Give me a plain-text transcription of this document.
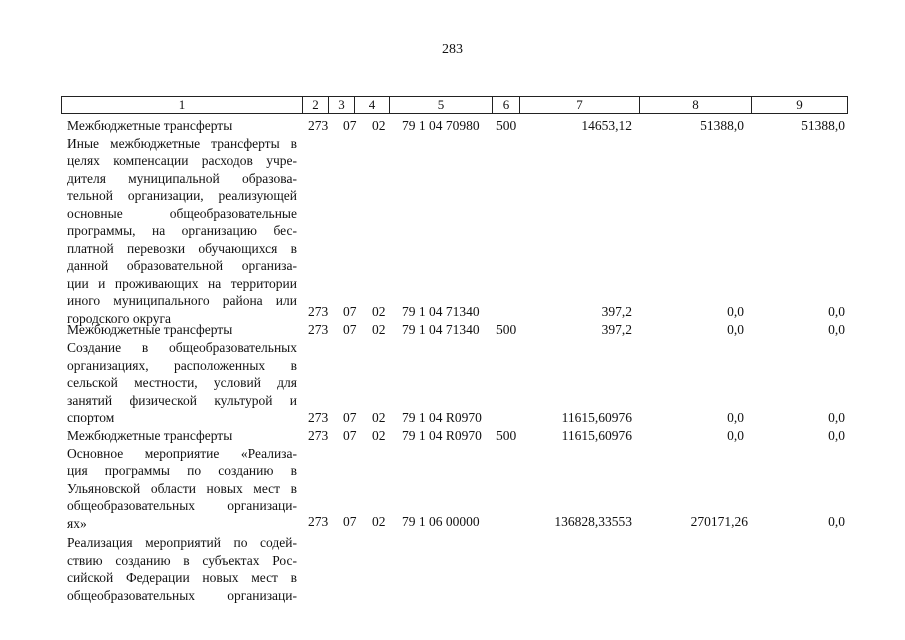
283
1	2	3	4	5	6	7	8	9
Межбюджетные трансферты	273 07 02 79 1 04 70980 500	14653,12	51388,0	51388,0
Иные межбюджетные трансферты в
целях компенсации расходов учре-
дителя муниципальной образова-
тельной организации, реализующей
основные общеобразовательные
программы, на организацию бес-
платной перевозки обучающихся в
данной образовательной организа-
ции и проживающих на территории
иного муниципального района или
городского округа	273 07 02 79 1 04 71340	397,2	0,0	0,0
Межбюджетные трансферты	273 07 02 79 1 04 71340 500	397,2	0,0	0,0
Создание в общеобразовательных
организациях, расположенных в
сельской местности, условий для
занятий физической культурой и
спортом	273 07 02 79 1 04 R0970	11615,60976	0,0	0,0
Межбюджетные трансферты	273 07 02 79 1 04 R0970 500	11615,60976	0,0	0,0
Основное мероприятие «Реализа-
ция программы по созданию в
Ульяновской области новых мест в
общеобразовательных организаци-
ях»	273 07 02 79 1 06 00000	136828,33553	270171,26	0,0
Реализация мероприятий по содей-
ствию созданию в субъектах Рос-
сийской Федерации новых мест в
общеобразовательных организаци-
